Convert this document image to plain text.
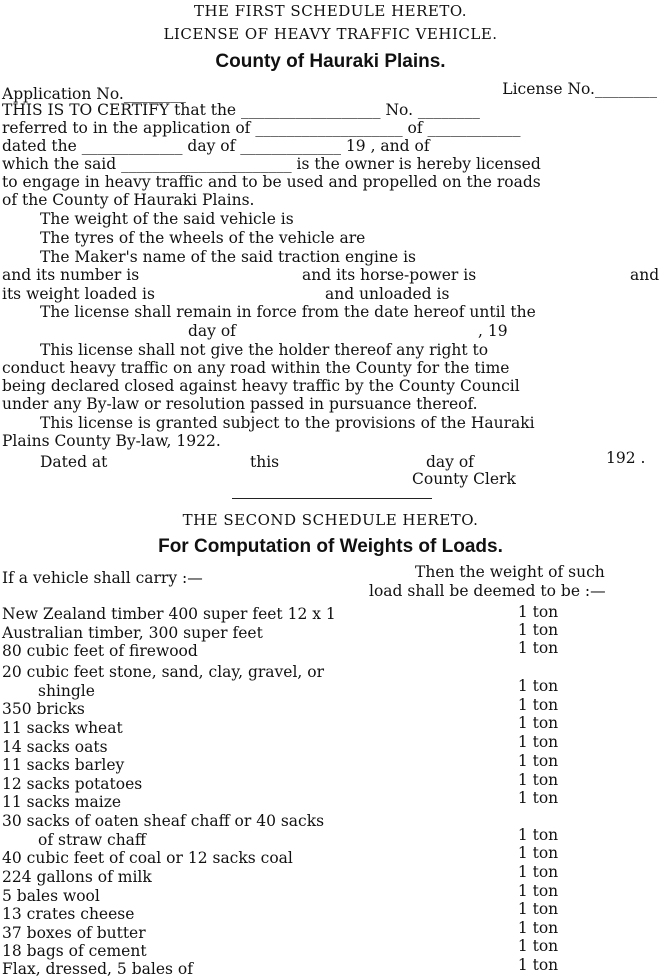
THE FIRST SCHEDULE HERETO.
LICENSE OF HEAVY TRAFFIC VEHICLE.
County of Hauraki Plains.
Application No.________	License No.________
THIS IS TO CERTIFY that the __________________ No. ________
referred to in the application of ___________________ of ____________
dated the _____________ day of _____________ 19 , and of
which the said ______________________ is the owner is hereby licensed
to engage in heavy traffic and to be used and propelled on the roads
of the County of Hauraki Plains.
The weight of the said vehicle is
The tyres of the wheels of the vehicle are
The Maker's name of the said traction engine is
and its number is	and its horse-power is	and
its weight loaded is	and unloaded is
The license shall remain in force from the date hereof until the
day of	, 19
This license shall not give the holder thereof any right to
conduct heavy traffic on any road within the County for the time
being declared closed against heavy traffic by the County Council
under any By-law or resolution passed in pursuance thereof.
This license is granted subject to the provisions of the Hauraki
Plains County By-law, 1922.
Dated at	this	day of	192 .
County Clerk
THE SECOND SCHEDULE HERETO.
For Computation of Weights of Loads.
If a vehicle shall carry :—	Then the weight of such
load shall be deemed to be :—
New Zealand timber 400 super feet 12 x 1	1 ton
Australian timber, 300 super feet	1 ton
80 cubic feet of firewood	1 ton
20 cubic feet stone, sand, clay, gravel, or
shingle	1 ton
350 bricks	1 ton
11 sacks wheat	1 ton
14 sacks oats	1 ton
11 sacks barley	1 ton
12 sacks potatoes	1 ton
11 sacks maize	1 ton
30 sacks of oaten sheaf chaff or 40 sacks
of straw chaff	1 ton
40 cubic feet of coal or 12 sacks coal	1 ton
224 gallons of milk	1 ton
5 bales wool	1 ton
13 crates cheese	1 ton
37 boxes of butter	1 ton
18 bags of cement	1 ton
Flax, dressed, 5 bales of	1 ton
